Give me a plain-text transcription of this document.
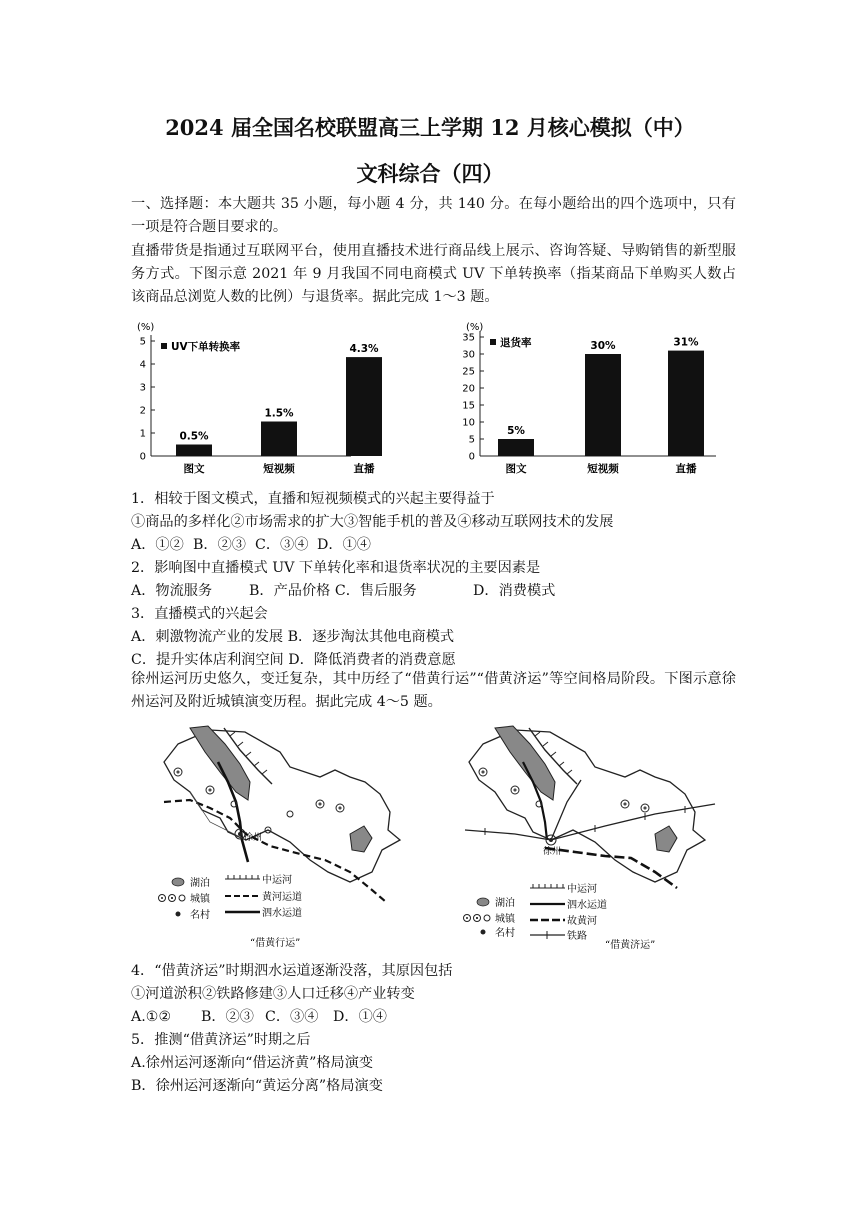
2024 届全国名校联盟高三上学期 12 月核心模拟（中）
文科综合（四）
一、选择题：本大题共 35 小题，每小题 4 分，共 140 分。在每小题给出的四个选项中，只有一项是符合题目要求的。
直播带货是指通过互联网平台，使用直播技术进行商品线上展示、咨询答疑、导购销售的新型服务方式。下图示意 2021 年 9 月我国不同电商模式 UV 下单转换率（指某商品下单购买人数占该商品总浏览人数的比例）与退货率。据此完成 1～3 题。
(%)
0
1
2
3
4
5 UV下单转换率
0.5%
图文
1.5%
短视频
4.3%
直播
(%)
0
5
10
15
20
25
30
35 退货率
5%
图文
30%
短视频
31%
直播
1．相较于图文模式，直播和短视频模式的兴起主要得益于
①商品的多样化②市场需求的扩大③智能手机的普及④移动互联网技术的发展
A．①② B．②③ C．③④ D．①④
2．影响图中直播模式 UV 下单转化率和退货率状况的主要因素是
A．物流服务	B．产品价格 C．售后服务	D．消费模式
3．直播模式的兴起会
A．刺激物流产业的发展 B．逐步淘汰其他电商模式
C．提升实体店利润空间 D．降低消费者的消费意愿
徐州运河历史悠久，变迁复杂，其中历经了“借黄行运”“借黄济运”等空间格局阶段。下图示意徐州运河及附近城镇演变历程。据此完成 4～5 题。
徐州
湖泊
城镇
名村
中运河
黄河运道
泗水运道
“借黄行运”
徐州
湖泊
城镇
名村
中运河
泗水运道
故黄河
铁路
“借黄济运”
4．“借黄济运”时期泗水运道逐渐没落，其原因包括
①河道淤积②铁路修建③人口迁移④产业转变
A.①② B．②③ C．③④ D．①④
5．推测“借黄济运”时期之后
A.徐州运河逐渐向“借运济黄”格局演变
B．徐州运河逐渐向“黄运分离”格局演变
